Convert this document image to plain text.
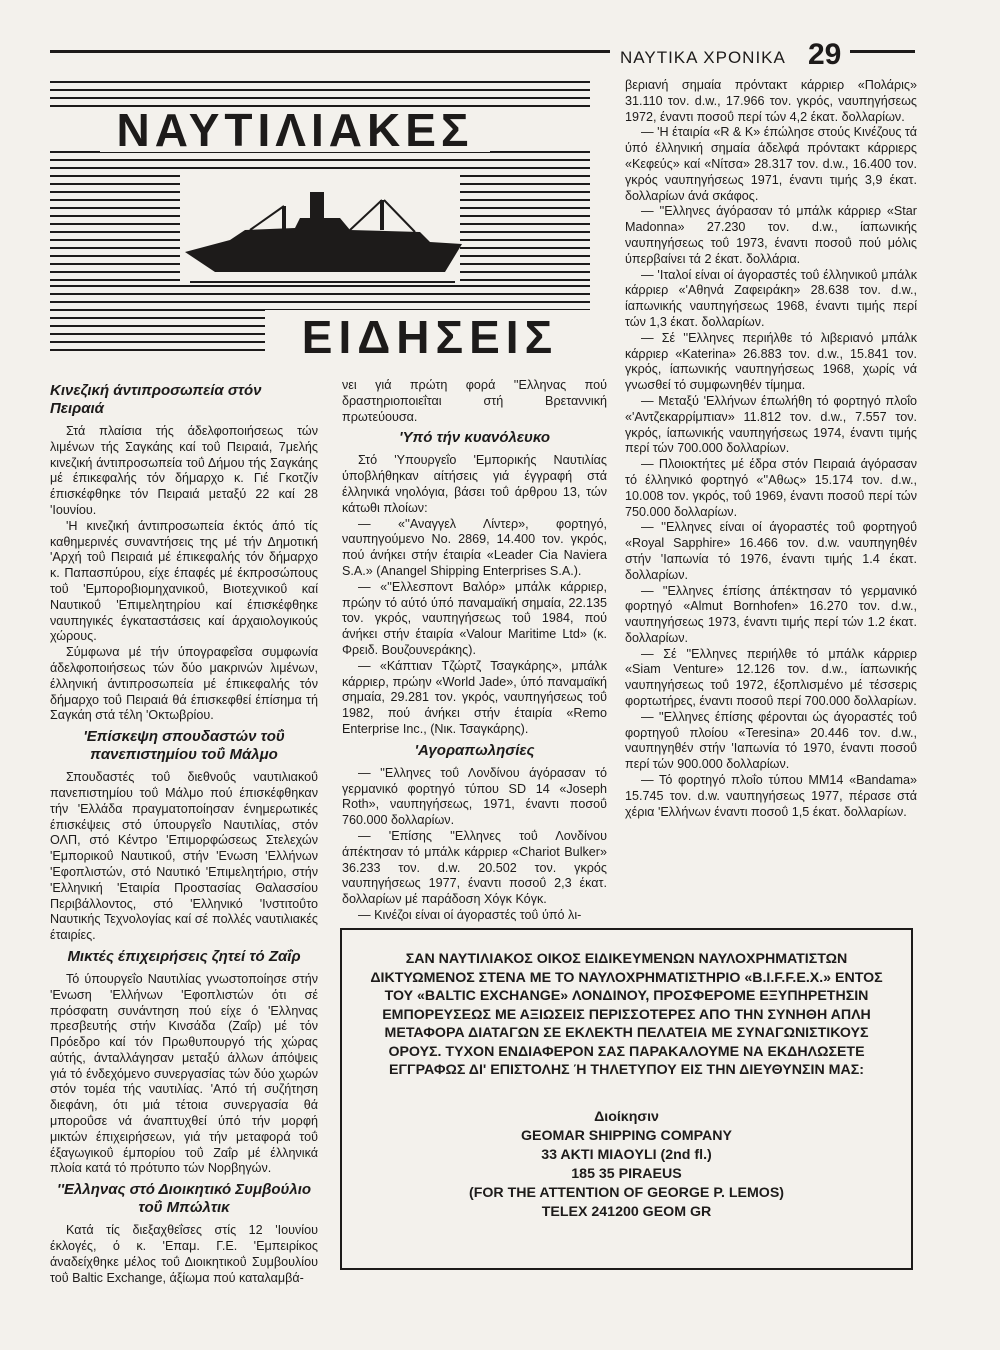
ΝΑΥΤΙΚΑ ΧΡΟΝΙΚΑ 29
ΝΑΥΤΙΛΙΑΚΕΣ
ΕΙΔΗΣΕΙΣ
Κινεζική άντιπροσωπεία στόν Πειραιά

Στά πλαίσια τής άδελφοποιήσεως τών λιμένων τής Σαγκάης καί τοΰ Πειραιά, 7μελής κινεζική άντιπροσωπεία τοΰ Δήμου τής Σαγκάης μέ έπικεφαλής τόν δήμαρχο κ. Γιέ Γκοτζίν έπισκέφθηκε τόν Πειραιά μεταξύ 22 καί 28 'Ιουνίου.

'Η κινεζική άντιπροσωπεία έκτός άπό τίς καθημερινές συναντήσεις της μέ τήν Δημοτική 'Αρχή τοΰ Πειραιά μέ έπικεφαλής τόν δήμαρχο κ. Παπασπύρου, είχε έπαφές μέ έκπροσώπους τοΰ 'Εμποροβιομηχανικοΰ, Βιοτεχνικοΰ καί Ναυτικοΰ 'Επιμελητηρίου καί έπισκέφθηκε ναυπηγικές έγκαταστάσεις καί άρχαιολογικούς χώρους.

Σύμφωνα μέ τήν ύπογραφεΐσα συμφωνία άδελφοποιήσεως τών δύο μακρινών λιμένων, έλληνική άντιπροσωπεία μέ έπικεφαλής τόν δήμαρχο τοΰ Πειραιά θά έπισκεφθεί έπίσημα τή Σαγκάη στά τέλη 'Οκτωβρίου.

'Επίσκεψη σπουδαστών τοΰ πανεπιστημίου τοΰ Μάλμο

Σπουδαστές τοΰ διεθνοΰς ναυτιλιακοΰ πανεπιστημίου τοΰ Μάλμο πού έπισκέφθηκαν τήν 'Ελλάδα πραγματοποίησαν ένημερωτικές έπισκέψεις στό ύπουργεΐο Ναυτιλίας, στόν ΟΛΠ, στό Κέντρο 'Επιμορφώσεως Στελεχών 'Εμπορικοΰ Ναυτικοΰ, στήν 'Ενωση 'Ελλήνων 'Εφοπλιστών, στό Ναυτικό 'Επιμελητήριο, στήν 'Ελληνική 'Εταιρία Προστασίας Θαλασσίου Περιβάλλοντος, στό 'Ελληνικό 'Ινστιτοΰτο Ναυτικής Τεχνολογίας καί σέ πολλές ναυτιλιακές έταιρίες.

Μικτές έπιχειρήσεις ζητεί τό Ζαΐρ

Τό ύπουργεΐο Ναυτιλίας γνωστοποίησε στήν 'Ενωση 'Ελλήνων 'Εφοπλιστών ότι σέ πρόσφατη συνάντηση πού είχε ό 'Ελληνας πρεσβευτής στήν Κινσάδα (Ζαΐρ) μέ τόν Πρόεδρο καί τόν Πρωθυπουργό τής χώρας αύτής, άνταλλάγησαν μεταξύ άλλων άπόψεις γιά τό ένδεχόμενο συνεργασίας τών δύο χωρών στόν τομέα τής ναυτιλίας. 'Από τή συζήτηση διεφάνη, ότι μιά τέτοια συνεργασία θά μποροΰσε νά άναπτυχθεί ύπό τήν μορφή μικτών έπιχειρήσεων, γιά τήν μεταφορά τοΰ έξαγωγικοΰ έμπορίου τοΰ Ζαΐρ μέ έλληνικά πλοία κατά τό πρότυπο τών Νορβηγών.

''Ελληνας στό Διοικητικό Συμβούλιο τοΰ Μπώλτικ

Κατά τίς διεξαχθεΐσες στίς 12 'Ιουνίου έκλογές, ό κ. 'Επαμ. Γ.Ε. 'Εμπειρίκος άναδείχθηκε μέλος τοΰ Διοικητικοΰ Συμβουλίου τοΰ Baltic Exchange, άξίωμα πού καταλαμβά-

νει γιά πρώτη φορά ''Ελληνας πού δραστηριοποιεΐται στή Βρεταννική πρωτεύουσα.

'Υπό τήν κυανόλευκο

Στό 'Υπουργεΐο 'Εμπορικής Ναυτιλίας ύποβλήθηκαν αίτήσεις γιά έγγραφή στά έλληνικά νηολόγια, βάσει τοΰ άρθρου 13, τών κάτωθι πλοίων:

— «''Αναγγελ Λίντερ», φορτηγό, ναυπηγούμενο Νο. 2869, 14.400 τον. γκρός, πού άνήκει στήν έταιρία «Leader Cia Naviera S.A.» (Anangel Shipping Enterprises S.A.).

— «''Ελλεσποντ Βαλόρ» μπάλκ κάρριερ, πρώην τό αύτό ύπό παναμαϊκή σημαία, 22.135 τον. γκρός, ναυπηγήσεως τοΰ 1984, πού άνήκει στήν έταιρία «Valour Maritime Ltd» (κ. Φρειδ. Βουζουνεράκης).

— «Κάπτιαν Τζώρτζ Τσαγκάρης», μπάλκ κάρριερ, πρώην «World Jade», ύπό παναμαϊκή σημαία, 29.281 τον. γκρός, ναυπηγήσεως τοΰ 1982, πού άνήκει στήν έταιρία «Remo Enterprise Inc., (Νικ. Τσαγκάρης).

'Αγοραπωλησίες

— ''Ελληνες τοΰ Λονδίνου άγόρασαν τό γερμανικό φορτηγό τύπου SD 14 «Joseph Roth», ναυπηγήσεως, 1971, έναντι ποσοΰ 760.000 δολλαρίων.

— 'Επίσης ''Ελληνες τοΰ Λονδίνου άπέκτησαν τό μπάλκ κάρριερ «Chariot Bulker» 36.233 τον. d.w. 20.502 τον. γκρός ναυπηγήσεως 1977, έναντι ποσοΰ 2,3 έκατ. δολλαρίων μέ παράδοση Χόγκ Κόγκ.

— Κινέζοι είναι οί άγοραστές τοΰ ύπό λι-

βεριανή σημαία πρόντακτ κάρριερ «Πολάρις» 31.110 τον. d.w., 17.966 τον. γκρός, ναυπηγήσεως 1972, έναντι ποσοΰ περί τών 4,2 έκατ. δολλαρίων.

— 'Η έταιρία «R & K» έπώλησε στούς Κινέζους τά ύπό έλληνική σημαία άδελφά πρόντακτ κάρριερς «Κεφεύς» καί «Νίτσα» 28.317 τον. d.w., 16.400 τον. γκρός ναυπηγήσεως 1971, έναντι τιμής 3,9 έκατ. δολλαρίων άνά σκάφος.

— ''Ελληνες άγόρασαν τό μπάλκ κάρριερ «Star Madonna» 27.230 τον. d.w., ίαπωνικής ναυπηγήσεως τοΰ 1973, έναντι ποσοΰ πού μόλις ύπερβαίνει τά 2 έκατ. δολλάρια.

— 'Ιταλοί είναι οί άγοραστές τοΰ έλληνικοΰ μπάλκ κάρριερ «'Αθηνά Ζαφειράκη» 28.638 τον. d.w., ίαπωνικής ναυπηγήσεως 1968, έναντι τιμής περί τών 1,3 έκατ. δολλαρίων.

— Σέ ''Ελληνες περιήλθε τό λιβεριανό μπάλκ κάρριερ «Katerina» 26.883 τον. d.w., 15.841 τον. γκρός, ίαπωνικής ναυπηγήσεως 1968, χωρίς νά γνωσθεί τό συμφωνηθέν τίμημα.

— Μεταξύ 'Ελλήνων έπωλήθη τό φορτηγό πλοΐο «'Αντζεκαρρίμπιαν» 11.812 τον. d.w., 7.557 τον. γκρός, ίαπωνικής ναυπηγήσεως 1974, έναντι τιμής περί τών 700.000 δολλαρίων.

— Πλοιοκτήτες μέ έδρα στόν Πειραιά άγόρασαν τό έλληνικό φορτηγό «''Αθως» 15.174 τον. d.w., 10.008 τον. γκρός, τοΰ 1969, έναντι ποσοΰ περί τών 750.000 δολλαρίων.

— ''Ελληνες είναι οί άγοραστές τοΰ φορτηγοΰ «Royal Sapphire» 16.466 τον. d.w. ναυπηγηθέν στήν 'Ιαπωνία τό 1976, έναντι τιμής 1.4 έκατ. δολλαρίων.

— ''Ελληνες έπίσης άπέκτησαν τό γερμανικό φορτηγό «Almut Bornhofen» 16.270 τον. d.w., ναυπηγήσεως 1973, έναντι τιμής περί τών 1.2 έκατ. δολλαρίων.

— Σέ ''Ελληνες περιήλθε τό μπάλκ κάρριερ «Siam Venture» 12.126 τον. d.w., ίαπωνικής ναυπηγήσεως τοΰ 1972, έξοπλισμένο μέ τέσσερις φορτωτήρες, έναντι ποσοΰ περί 700.000 δολλαρίων.

— ''Ελληνες έπίσης φέρονται ώς άγοραστές τοΰ φορτηγοΰ πλοίου «Teresina» 20.446 τον. d.w., ναυπηγηθέν στήν 'Ιαπωνία τό 1970, έναντι ποσοΰ περί τών 900.000 δολλαρίων.

— Τό φορτηγό πλοΐο τύπου ΜΜ14 «Bandama» 15.745 τον. d.w. ναυπηγήσεως 1977, πέρασε στά χέρια 'Ελλήνων έναντι ποσοΰ 1,5 έκατ. δολλαρίων.

ΣΑΝ ΝΑΥΤΙΛΙΑΚΟΣ ΟΙΚΟΣ ΕΙΔΙΚΕΥΜΕΝΩΝ ΝΑΥΛΟΧΡΗΜΑΤΙΣΤΩΝ ΔΙΚΤΥΩΜΕΝΟΣ ΣΤΕΝΑ ΜΕ ΤΟ ΝΑΥΛΟΧΡΗΜΑΤΙΣΤΗΡΙΟ «B.I.F.F.E.X.» ΕΝΤΟΣ ΤΟΥ «BALTIC EXCHANGE» ΛΟΝΔΙΝΟΥ, ΠΡΟΣΦΕΡΟΜΕ ΕΞΥΠΗΡΕΤΗΣΙΝ ΕΜΠΟΡΕΥΣΕΩΣ ΜΕ ΑΞΙΩΣΕΙΣ ΠΕΡΙΣΣΟΤΕΡΕΣ ΑΠΟ ΤΗΝ ΣΥΝΗΘΗ ΑΠΛΗ ΜΕΤΑΦΟΡΑ ΔΙΑΤΑΓΩΝ ΣΕ ΕΚΛΕΚΤΗ ΠΕΛΑΤΕΙΑ ΜΕ ΣΥΝΑΓΩΝΙΣΤΙΚΟΥΣ ΟΡΟΥΣ. ΤΥΧΟΝ ΕΝΔΙΑΦΕΡΟΝ ΣΑΣ ΠΑΡΑΚΑΛΟΥΜΕ ΝΑ ΕΚΔΗΛΩΣΕΤΕ ΕΓΓΡΑΦΩΣ ΔΙ' ΕΠΙΣΤΟΛΗΣ Ή ΤΗΛΕΤΥΠΟΥ ΕΙΣ ΤΗΝ ΔΙΕΥΘΥΝΣΙΝ ΜΑΣ:

Διοίκησιν
GEOMAR SHIPPING COMPANY
33 AKTI MIAOYLI (2nd fl.)
185 35 PIRAEUS
(FOR THE ATTENTION OF GEORGE P. LEMOS)
TELEX 241200 GEOM GR
